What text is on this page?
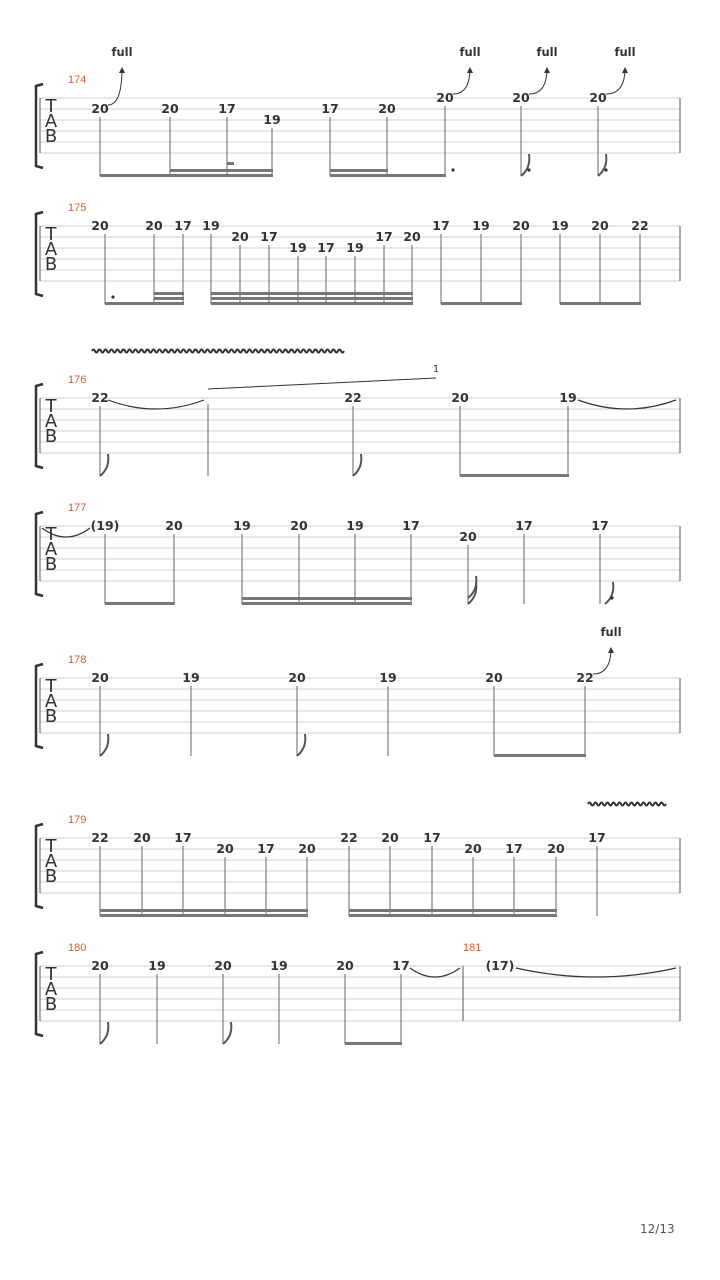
T
A
B
174
20	20	17
19
17	20
20	20	20
full	full	full	full
T
A
B
175
20	20 17 19
20 17
19 17 19
17 20
17 19 20 19 20 22
T
A
B
176
22	22	20	19
1
T
A
B
177
(19)	20	19	20	19	17
20
17	17
T
A
B
178
20	19	20	19	20	22
full
T
A
B
179
22 20 17
20 17 20
22 20 17
20 17 20
17
T
A
B
180	181
20	19	20	19	20	17	(17)
12/13
